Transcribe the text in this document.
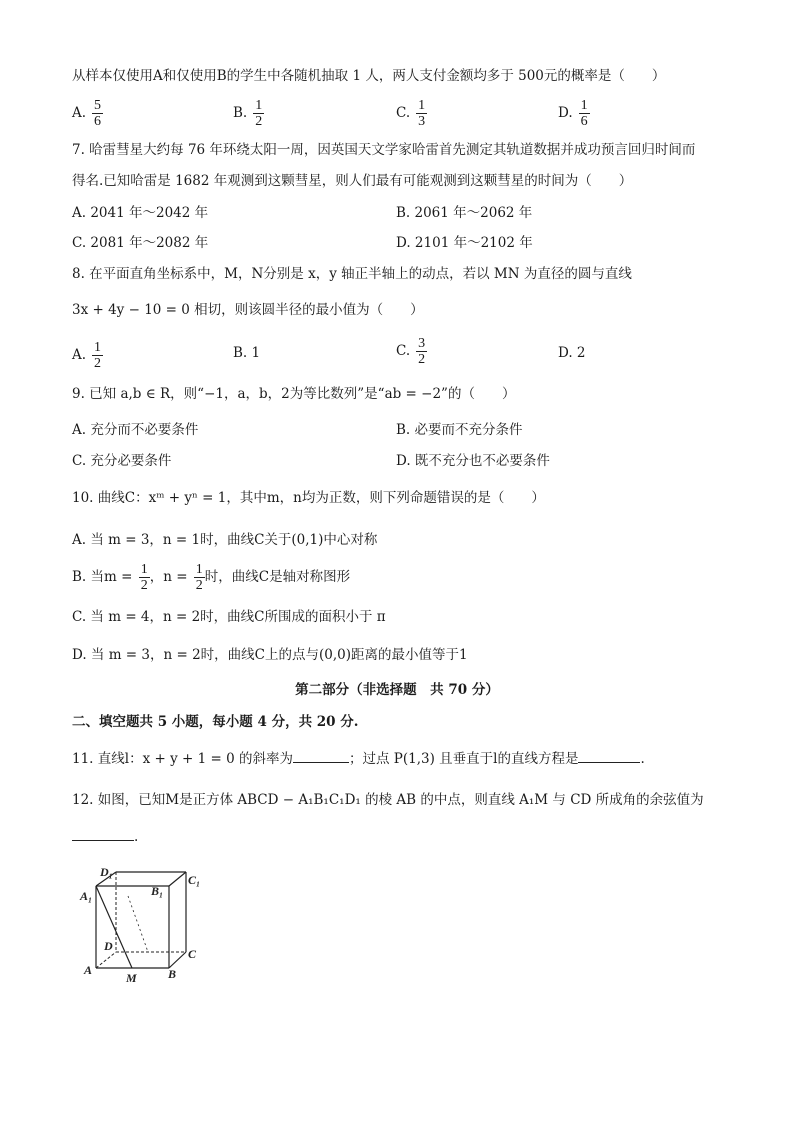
从样本仅使用A和仅使用B的学生中各随机抽取 1 人，两人支付金额均多于 500元的概率是（　　）
A. $\frac{5}{6}$	B. $\frac{1}{2}$	C. $\frac{1}{3}$	D. $\frac{1}{6}$
7. 哈雷彗星大约每 76 年环绕太阳一周，因英国天文学家哈雷首先测定其轨道数据并成功预言回归时间而
得名.已知哈雷是 1682 年观测到这颗彗星，则人们最有可能观测到这颗彗星的时间为（　　）
A. 2041 年～2042 年	B. 2061 年～2062 年
C. 2081 年～2082 年	D. 2101 年～2102 年
8. 在平面直角坐标系中，M，N分别是 x，y 轴正半轴上的动点，若以 MN 为直径的圆与直线
3x + 4y − 10 = 0 相切，则该圆半径的最小值为（　　）
A. $\frac{1}{2}$	B. 1	C. $\frac{3}{2}$	D. 2
9. 已知 a,b ∈ R，则“−1，a，b，2为等比数列”是“ab = −2”的（　　）
A. 充分而不必要条件	B. 必要而不充分条件
C. 充分必要条件	D. 既不充分也不必要条件
10. 曲线C：xᵐ + yⁿ = 1，其中m，n均为正数，则下列命题错误的是（　　）
A. 当 m = 3，n = 1时，曲线C关于(0,1)中心对称
B. 当$m = \frac{1}{2}$ ，$n = \frac{1}{2}$ 时，曲线C是轴对称图形
C. 当 m = 4，n = 2时，曲线C所围成的面积小于 π
D. 当 m = 3，n = 2时，曲线C上的点与(0,0)距离的最小值等于1
第二部分（非选择题　共 70 分）
二、填空题共 5 小题，每小题 4 分，共 20 分.
11. 直线l：x + y + 1 = 0 的斜率为	；过点 P(1,3) 且垂直于l的直线方程是	.
12. 如图，已知M是正方体 ABCD − A₁B₁C₁D₁ 的棱 AB 的中点，则直线 A₁M 与 CD 所成角的余弦值为
.
D₁
B₁
C₁
A₁
D
C
A	B
M
